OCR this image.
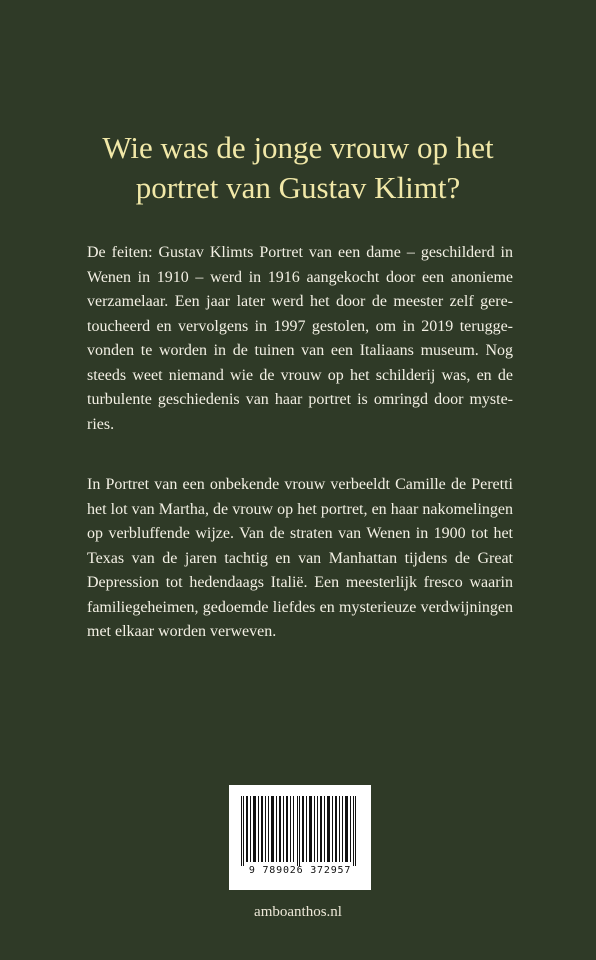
Wie was de jonge vrouw op het
portret van Gustav Klimt?
De feiten: Gustav Klimts Portret van een dame – geschilderd in
Wenen in 1910 – werd in 1916 aangekocht door een anonieme
verzamelaar. Een jaar later werd het door de meester zelf gere-
toucheerd en vervolgens in 1997 gestolen, om in 2019 terugge-
vonden te worden in de tuinen van een Italiaans museum. Nog
steeds weet niemand wie de vrouw op het schilderij was, en de
turbulente geschiedenis van haar portret is omringd door myste-
ries.
In Portret van een onbekende vrouw verbeeldt Camille de Peretti
het lot van Martha, de vrouw op het portret, en haar nakomelingen
op verbluffende wijze. Van de straten van Wenen in 1900 tot het
Texas van de jaren tachtig en van Manhattan tijdens de Great
Depression tot hedendaags Italië. Een meesterlijk fresco waarin
familiegeheimen, gedoemde liefdes en mysterieuze verdwijningen
met elkaar worden verweven.
9 789026 372957
amboanthos.nl
